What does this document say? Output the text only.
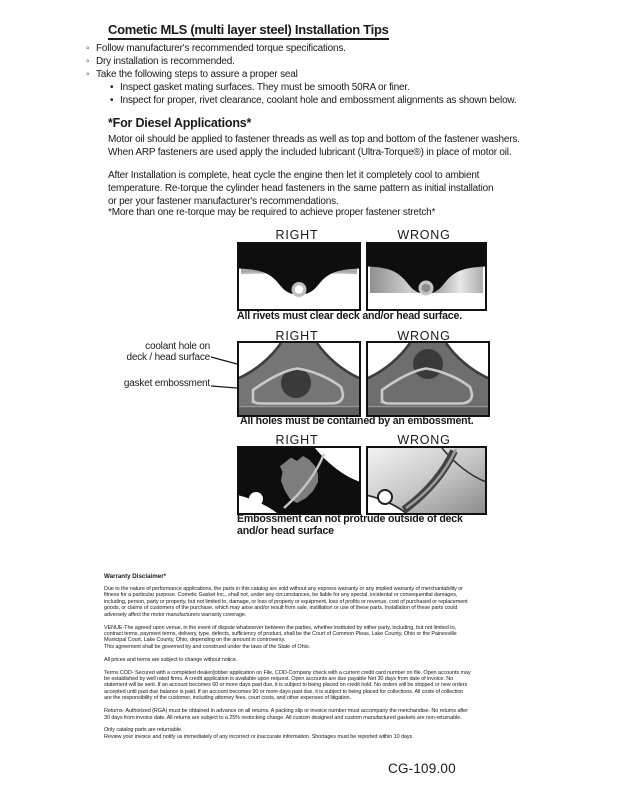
Cometic MLS (multi layer steel) Installation Tips
◦ Follow manufacturer's recommended torque specifications.
◦ Dry installation is recommended.
◦ Take the following steps to assure a proper seal
• Inspect gasket mating surfaces. They must be smooth 50RA or finer.
• Inspect for proper, rivet clearance, coolant hole and embossment alignments as shown below.
*For Diesel Applications*
Motor oil should be applied to fastener threads as well as top and bottom of the fastener washers.
When ARP fasteners are used apply the included lubricant (Ultra-Torque®) in place of motor oil.
After Installation is complete, heat cycle the engine then let it completely cool to ambient
temperature. Re-torque the cylinder head fasteners in the same pattern as initial installation
or per your fastener manufacturer's recommendations.
*More than one re-torque may be required to achieve proper fastener stretch*
RIGHT	WRONG
All rivets must clear deck and/or head surface.
RIGHT	WRONG
coolant hole on
deck / head surface
gasket embossment
All holes must be contained by an embossment.
RIGHT	WRONG
Embossment can not protrude outside of deck
and/or head surface
Warranty Disclaimer*

Due to the nature of performance applications, the parts in this catalog are sold without any express warranty or any implied warranty of merchantability or
fitness for a particular purpose. Cometic Gasket Inc., shall not, under any circumstances, be liable for any special, incidental or consequential damages,
including, person, party or property, but not limited to, damage, or loss of property or equipment, loss of profits or revenue, cost of purchased or replacement
goods, or claims of customers of the purchase, which may arise and/or result from sale, instillation or use of these parts. Installation of these parts could
adversely affect the motor manufacturers warranty coverage.

VENUE-The agreed upon venue, in the event of dispute whatsoever between the parties, whether instituted by either party, including, but not limited to,
contract terms, payment terms, delivery, type, defects, sufficiency of product, shall be the Court of Common Pleas, Lake County, Ohio or the Painesville
Municipal Court, Lake County, Ohio, depending on the amount in controversy.
This agreement shall be governed by and construed under the laws of the State of Ohio.

All prices and terms are subject to change without notice.

Terms COD- Secured with a completed dealer/jobber application on File, COD-Company check with a current credit card number on file. Open accounts may
be established by well rated firms. A credit application is available upon request. Open accounts are due payable Net 30 days from date of invoice. No
statement will be sent. If an account becomes 60 or more days past due, it is subject to being placed on credit hold. No orders will be shipped or new orders
accepted until past due balance is paid. If an account becomes 90 or more days past due, it is subject to being placed for collections. All costs of collection
are the responsibility of the customer, including attorney fees, court costs, and other expenses of litigation.

Returns- Authorized (RGA) must be obtained in advance on all returns. A packing slip or invoice number must accompany the merchandise. No returns after
30 days from invoice date. All returns are subject to a 25% restocking charge. All custom designed and custom manufactured gaskets are non-returnable.

Only catalog parts are returnable.
Review your invoice and notify us immediately of any incorrect or inaccurate information. Shortages must be reported within 10 days.

CG-109.00
